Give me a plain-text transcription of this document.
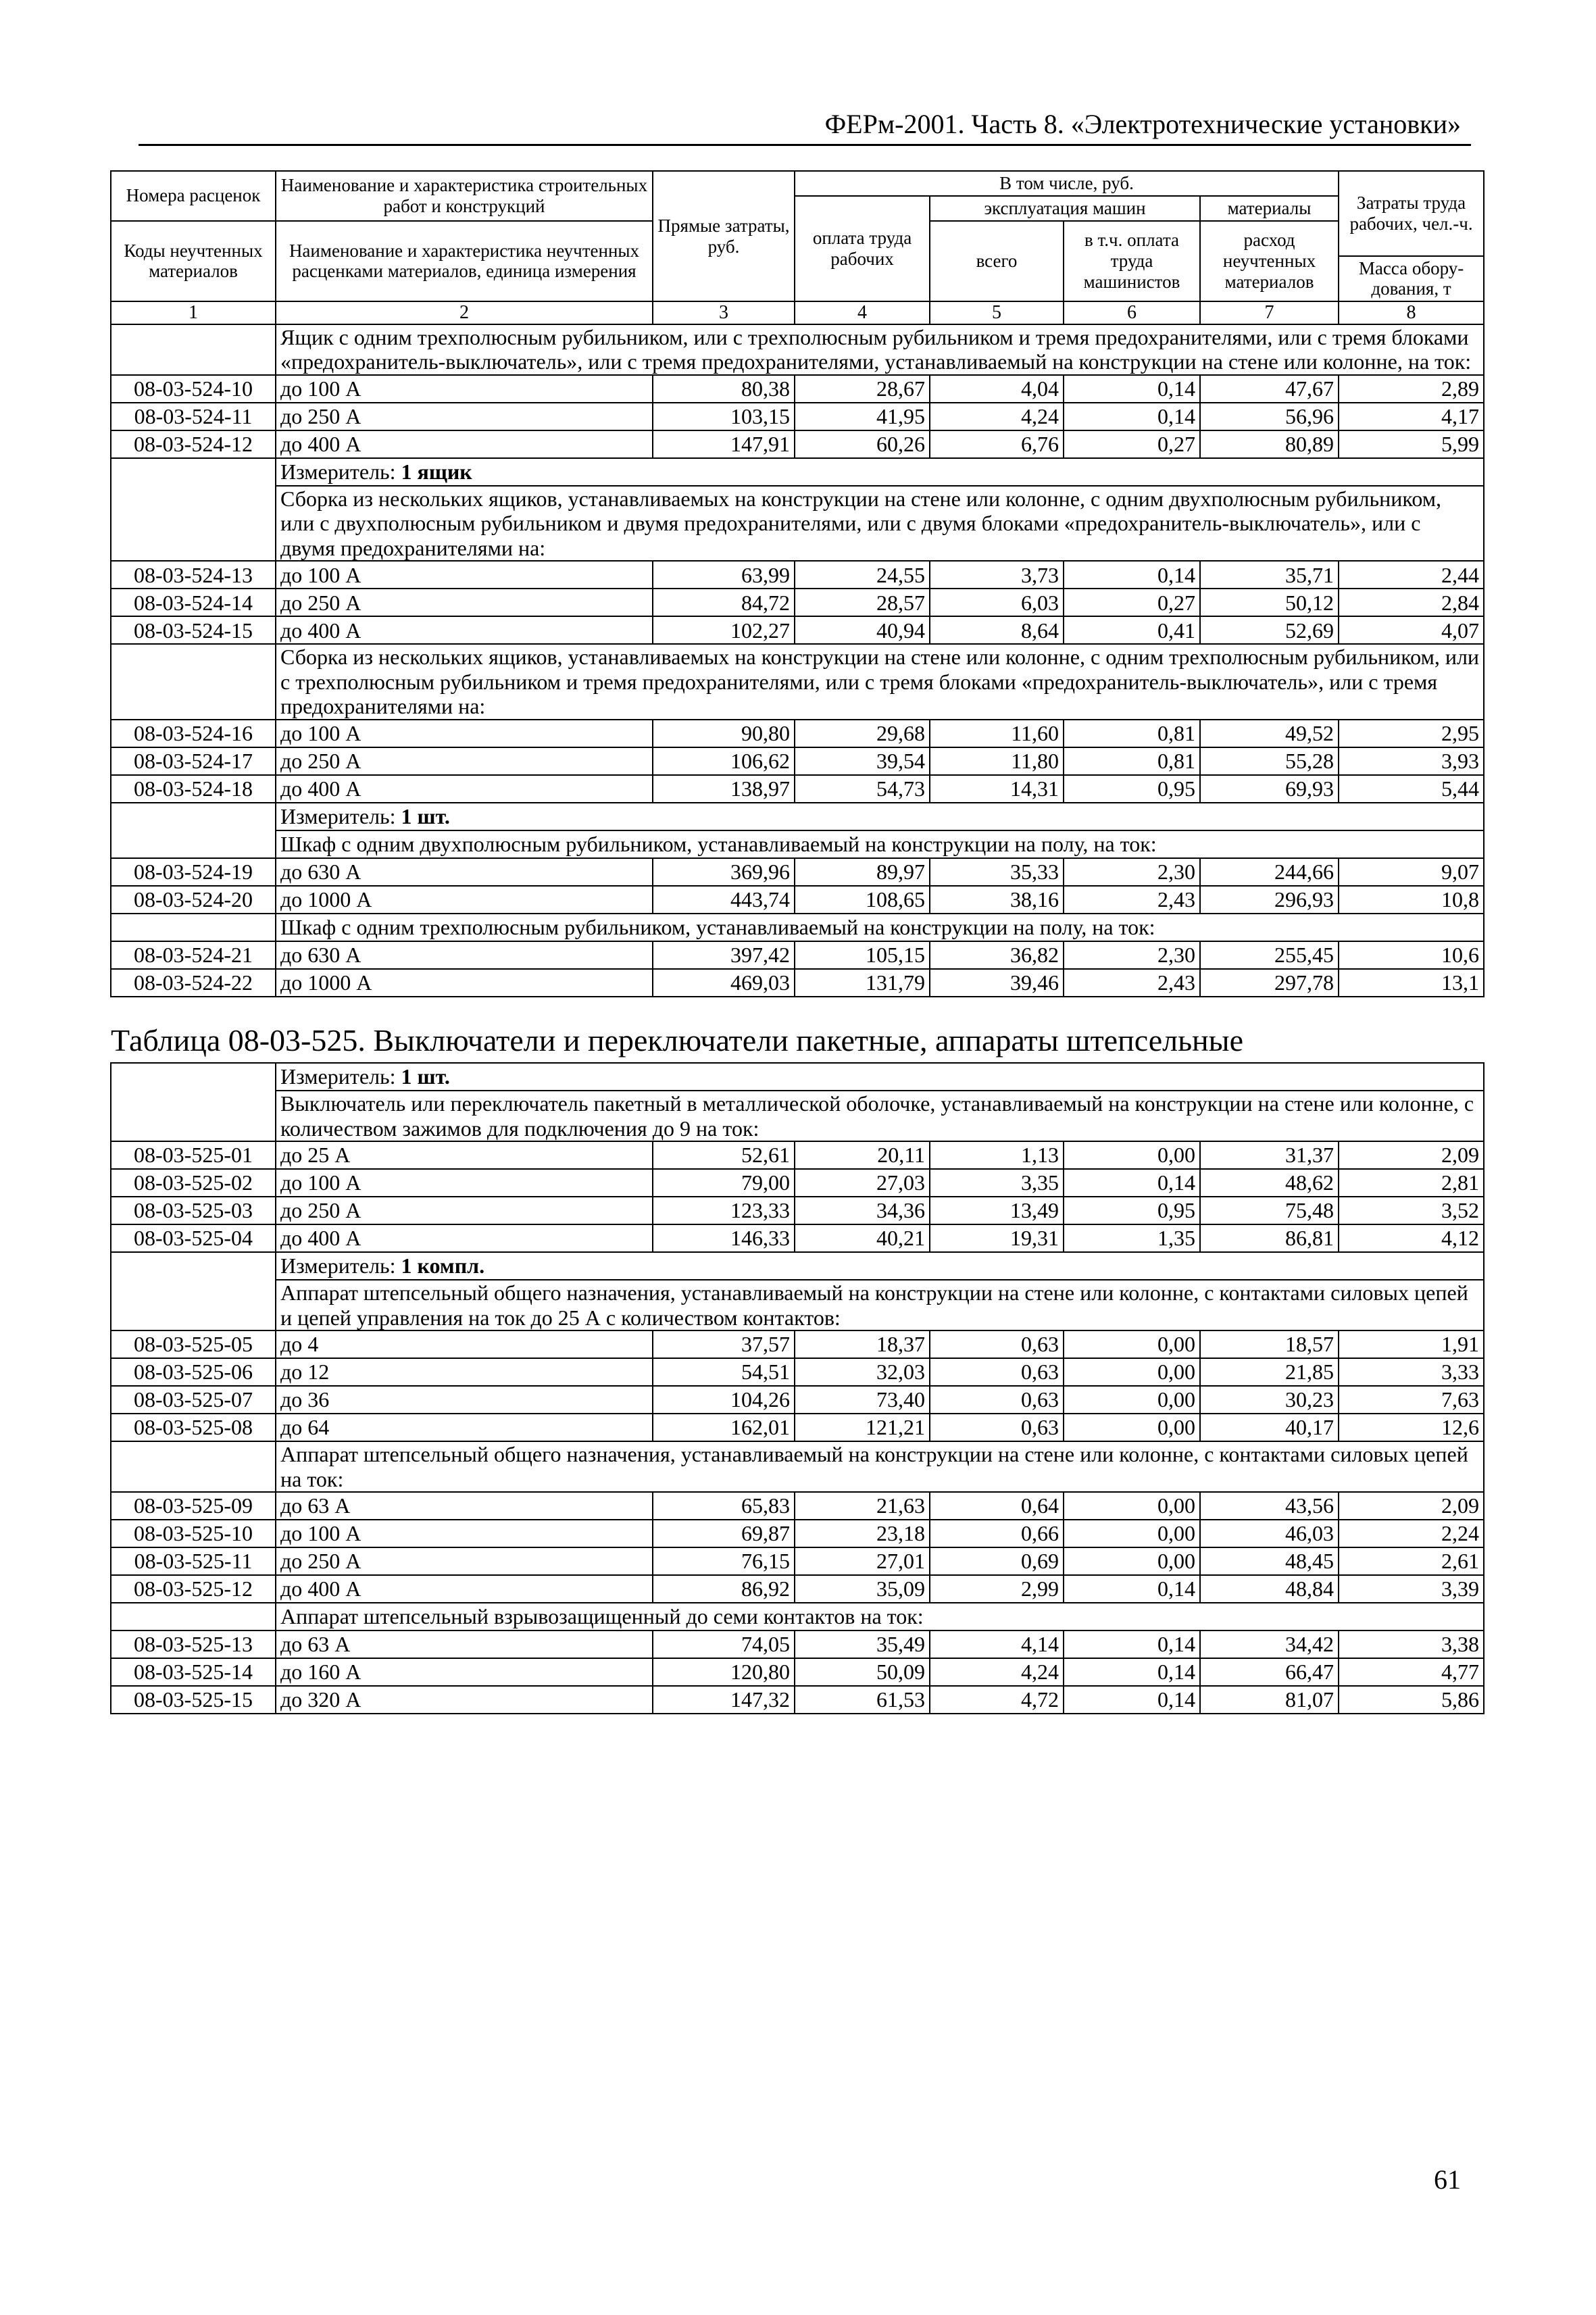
ФЕРм-2001. Часть 8. «Электротехнические установки»
Номера расценок	Наименование и характеристика строительных работ и конструкций	Прямые затраты, руб.	В том числе, руб.				Затраты труда рабочих, чел.-ч.
			оплата труда рабочих	эксплуатация машин		материалы	
Коды неучтенных материалов	Наименование и характеристика неучтенных расценками материалов, единица измерения			всего	в т.ч. оплата труда машинистов	расход неучтенных материалов	
							Масса обору-дования, т
1	2	3	4	5	6	7	8
	Ящик с одним трехполюсным рубильником, или с трехполюсным рубильником и тремя предохранителями, или с тремя блоками «предохранитель-выключатель», или с тремя предохранителями, устанавливаемый на конструкции на стене или колонне, на ток:						
08-03-524-10	до 100 А	80,38	28,67	4,04	0,14	47,67	2,89
08-03-524-11	до 250 А	103,15	41,95	4,24	0,14	56,96	4,17
08-03-524-12	до 400 А	147,91	60,26	6,76	0,27	80,89	5,99
	Измеритель: 1 ящик						
	Сборка из нескольких ящиков, устанавливаемых на конструкции на стене или колонне, с одним двухполюсным рубильником, или с двухполюсным рубильником и двумя предохранителями, или с двумя блоками «предохранитель-выключатель», или с двумя предохранителями на:						
08-03-524-13	до 100 А	63,99	24,55	3,73	0,14	35,71	2,44
08-03-524-14	до 250 А	84,72	28,57	6,03	0,27	50,12	2,84
08-03-524-15	до 400 А	102,27	40,94	8,64	0,41	52,69	4,07
	Сборка из нескольких ящиков, устанавливаемых на конструкции на стене или колонне, с одним трехполюсным рубильником, или с трехполюсным рубильником и тремя предохранителями, или с тремя блоками «предохранитель-выключатель», или с тремя предохранителями на:						
08-03-524-16	до 100 А	90,80	29,68	11,60	0,81	49,52	2,95
08-03-524-17	до 250 А	106,62	39,54	11,80	0,81	55,28	3,93
08-03-524-18	до 400 А	138,97	54,73	14,31	0,95	69,93	5,44
	Измеритель: 1 шт.						
	Шкаф с одним двухполюсным рубильником, устанавливаемый на конструкции на полу, на ток:						
08-03-524-19	до 630 А	369,96	89,97	35,33	2,30	244,66	9,07
08-03-524-20	до 1000 А	443,74	108,65	38,16	2,43	296,93	10,8
	Шкаф с одним трехполюсным рубильником, устанавливаемый на конструкции на полу, на ток:						
08-03-524-21	до 630 А	397,42	105,15	36,82	2,30	255,45	10,6
08-03-524-22	до 1000 А	469,03	131,79	39,46	2,43	297,78	13,1
Таблица 08-03-525. Выключатели и переключатели пакетные, аппараты штепсельные							
	Измеритель: 1 шт.						
	Выключатель или переключатель пакетный в металлической оболочке, устанавливаемый на конструкции на стене или колонне, с количеством зажимов для подключения до 9 на ток:						
08-03-525-01	до 25 А	52,61	20,11	1,13	0,00	31,37	2,09
08-03-525-02	до 100 А	79,00	27,03	3,35	0,14	48,62	2,81
08-03-525-03	до 250 А	123,33	34,36	13,49	0,95	75,48	3,52
08-03-525-04	до 400 А	146,33	40,21	19,31	1,35	86,81	4,12
	Измеритель: 1 компл.						
	Аппарат штепсельный общего назначения, устанавливаемый на конструкции на стене или колонне, с контактами силовых цепей и цепей управления на ток до 25 А с количеством контактов:						
08-03-525-05	до 4	37,57	18,37	0,63	0,00	18,57	1,91
08-03-525-06	до 12	54,51	32,03	0,63	0,00	21,85	3,33
08-03-525-07	до 36	104,26	73,40	0,63	0,00	30,23	7,63
08-03-525-08	до 64	162,01	121,21	0,63	0,00	40,17	12,6
	Аппарат штепсельный общего назначения, устанавливаемый на конструкции на стене или колонне, с контактами силовых цепей на ток:						
08-03-525-09	до 63 А	65,83	21,63	0,64	0,00	43,56	2,09
08-03-525-10	до 100 А	69,87	23,18	0,66	0,00	46,03	2,24
08-03-525-11	до 250 А	76,15	27,01	0,69	0,00	48,45	2,61
08-03-525-12	до 400 А	86,92	35,09	2,99	0,14	48,84	3,39
	Аппарат штепсельный взрывозащищенный до семи контактов на ток:						
08-03-525-13	до 63 А	74,05	35,49	4,14	0,14	34,42	3,38
08-03-525-14	до 160 А	120,80	50,09	4,24	0,14	66,47	4,77
08-03-525-15	до 320 А	147,32	61,53	4,72	0,14	81,07	5,86
61
